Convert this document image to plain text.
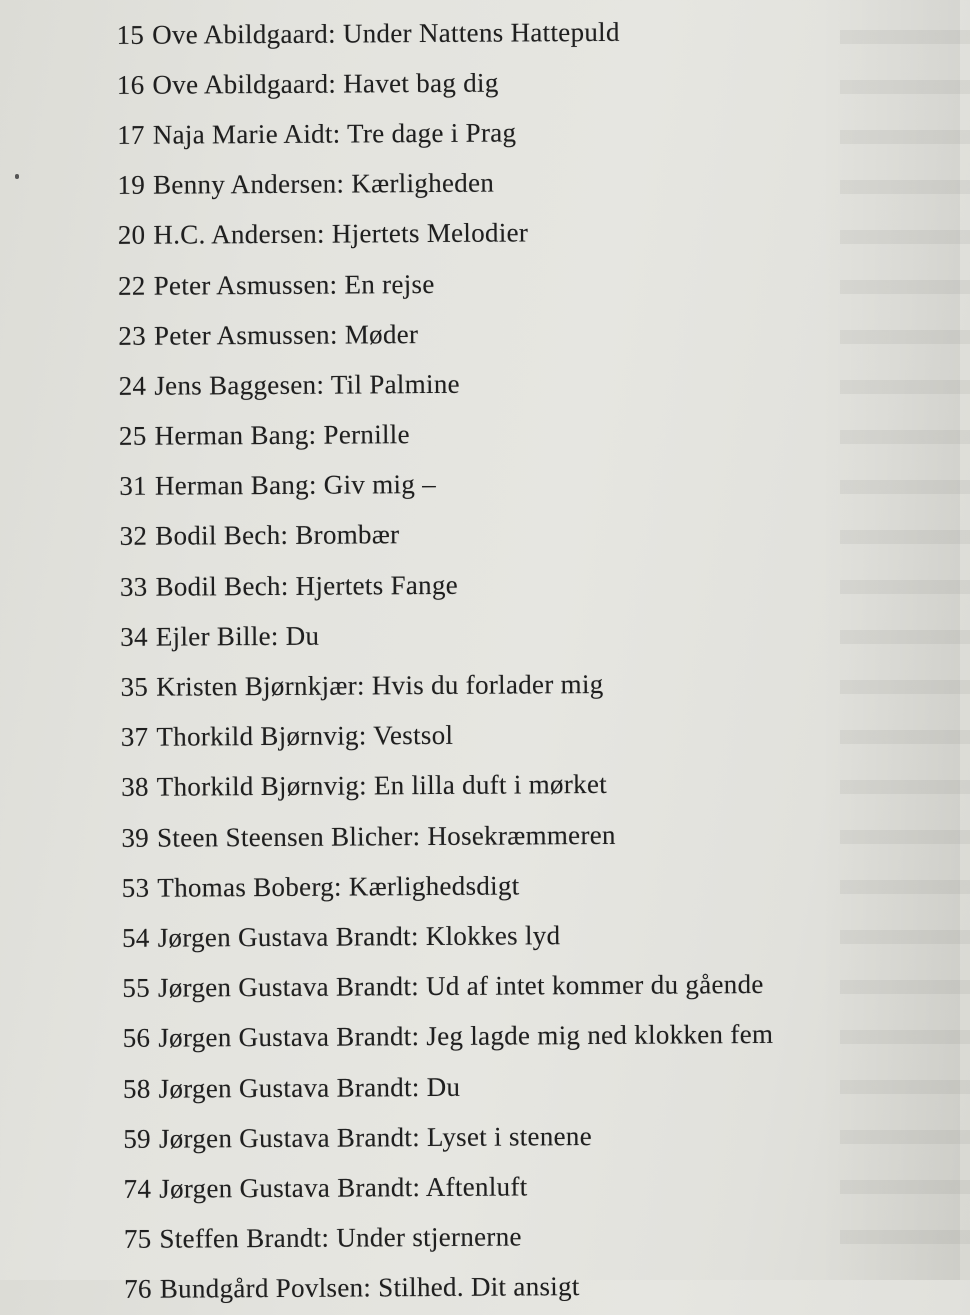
15 Ove Abildgaard: Under Nattens Hattepuld
16 Ove Abildgaard: Havet bag dig
17 Naja Marie Aidt: Tre dage i Prag
19 Benny Andersen: Kærligheden
20 H.C. Andersen: Hjertets Melodier
22 Peter Asmussen: En rejse
23 Peter Asmussen: Møder
24 Jens Baggesen: Til Palmine
25 Herman Bang: Pernille
31 Herman Bang: Giv mig –
32 Bodil Bech: Brombær
33 Bodil Bech: Hjertets Fange
34 Ejler Bille: Du
35 Kristen Bjørnkjær: Hvis du forlader mig
37 Thorkild Bjørnvig: Vestsol
38 Thorkild Bjørnvig: En lilla duft i mørket
39 Steen Steensen Blicher: Hosekræmmeren
53 Thomas Boberg: Kærlighedsdigt
54 Jørgen Gustava Brandt: Klokkes lyd
55 Jørgen Gustava Brandt: Ud af intet kommer du gående
56 Jørgen Gustava Brandt: Jeg lagde mig ned klokken fem
58 Jørgen Gustava Brandt: Du
59 Jørgen Gustava Brandt: Lyset i stenene
74 Jørgen Gustava Brandt: Aftenluft
75 Steffen Brandt: Under stjernerne
76 Bundgård Povlsen: Stilhed. Dit ansigt
